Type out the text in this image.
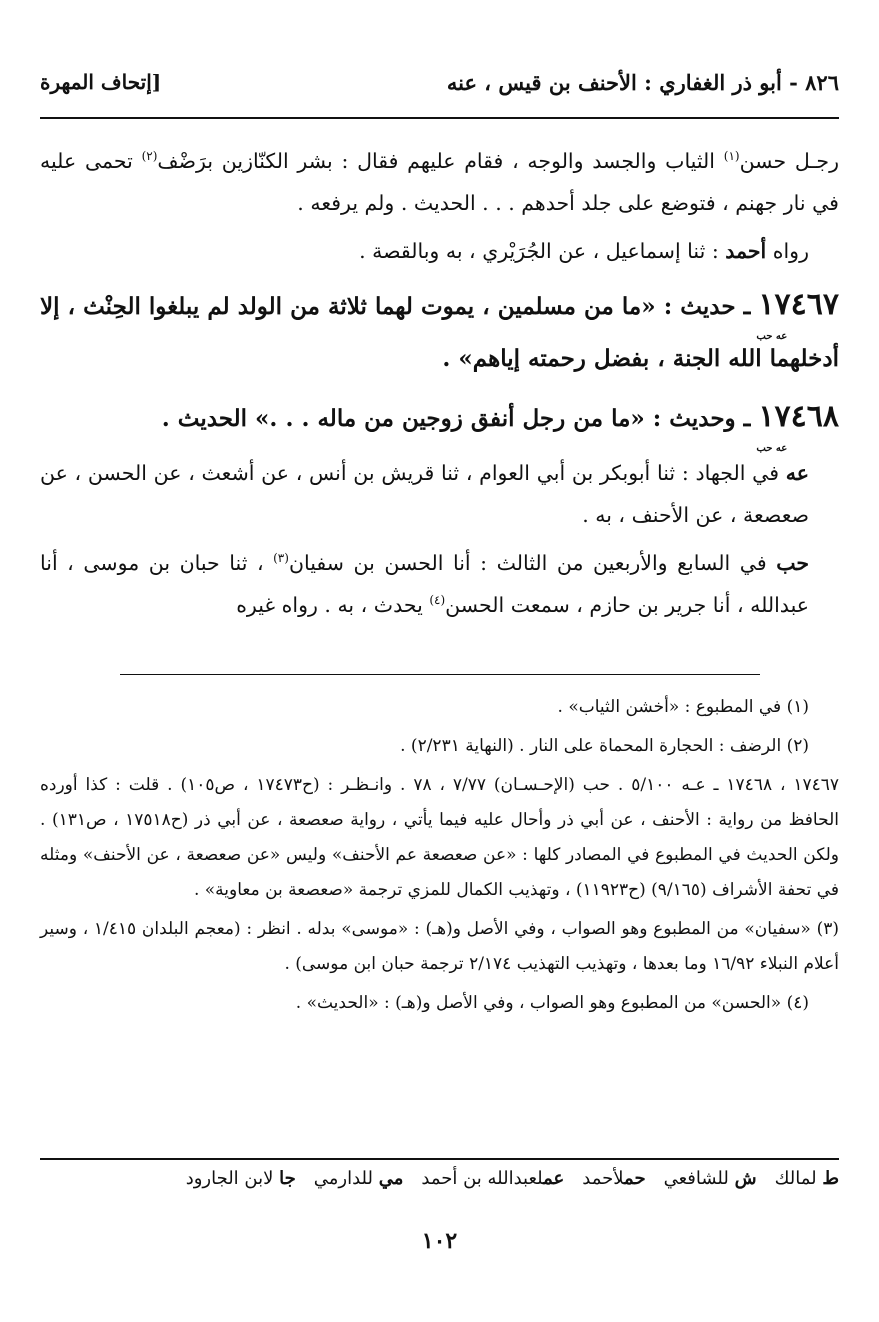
٨٢٦ - أبو ذر الغفاري : الأحنف بن قيس ، عنه
[إتحاف المهرة

رجـل حسن$^{(١)}$ الثياب والجسد والوجه ، فقام عليهم فقال : بشر الكنّازين برَضْف$^{(٢)}$ تحمى عليه في نار جهنم ، فتوضع على جلد أحدهم . . . الحديث . ولم يرفعه .

رواه أحمد : ثنا إسماعيل ، عن الجُرَيْري ، به وبالقصة .

١٧٤٦٧
عه حب
ـ حديث : «ما من مسلمين ، يموت لهما ثلاثة من الولد لم يبلغوا الحِنْث ، إلا أدخلهما الله الجنة ، بفضل رحمته إياهم» .

١٧٤٦٨
عه حب
ـ وحديث : «ما من رجل أنفق زوجين من ماله . . .» الحديث .

عه في الجهاد : ثنا أبوبكر بن أبي العوام ، ثنا قريش بن أنس ، عن أشعث ، عن الحسن ، عن صعصعة ، عن الأحنف ، به .

حب في السابع والأربعين من الثالث : أنا الحسن بن سفيان$^{(٣)}$ ، ثنا حبان بن موسى ، أنا عبدالله ، أنا جرير بن حازم ، سمعت الحسن$^{(٤)}$ يحدث ، به . رواه غيره

(١) في المطبوع : «أخشن الثياب» .

(٢) الرضف : الحجارة المحماة على النار . (النهاية ٢/٢٣١) .

١٧٤٦٧ ، ١٧٤٦٨ ـ عـه ٥/١٠٠ . حب (الإحـسـان) ٧/٧٧ ، ٧٨ . وانـظـر : (ح١٧٤٧٣ ، ص١٠٥) . قلت : كذا أورده الحافظ من رواية : الأحنف ، عن أبي ذر وأحال عليه فيما يأتي ، رواية صعصعة ، عن أبي ذر (ح١٧٥١٨ ، ص١٣١) . ولكن الحديث في المطبوع في المصادر كلها : «عن صعصعة عم الأحنف» وليس «عن صعصعة ، عن الأحنف» ومثله في تحفة الأشراف (٩/١٦٥) (ح١١٩٢٣) ، وتهذيب الكمال للمزي ترجمة «صعصعة بن معاوية» .

(٣) «سفيان» من المطبوع وهو الصواب ، وفي الأصل و(هـ) : «موسى» بدله . انظر : (معجم البلدان ١/٤١٥ ، وسير أعلام النبلاء ١٦/٩٢ وما بعدها ، وتهذيب التهذيب ٢/١٧٤ ترجمة حبان ابن موسى) .

(٤) «الحسن» من المطبوع وهو الصواب ، وفي الأصل و(هـ) : «الحديث» .

ط لمالك
ش للشافعي
حملأحمد
عملعبدالله بن أحمد
مي للدارمي
جا لابن الجارود
١٠٢
